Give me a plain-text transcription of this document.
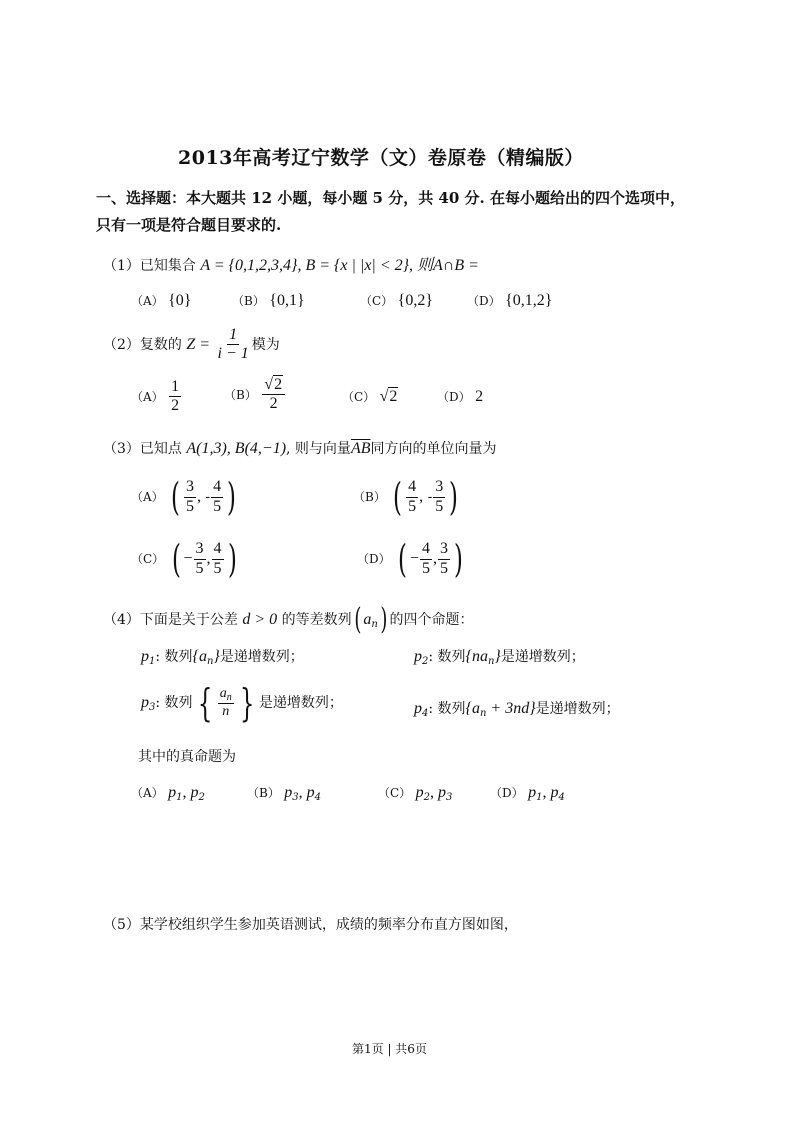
2013年高考辽宁数学（文）卷原卷（精编版）
一、选择题：本大题共 12 小题，每小题 5 分，共 40 分. 在每小题给出的四个选项中，
只有一项是符合题目要求的.
（1）已知集合 A = {0,1,2,3,4}, B = {x | |x| < 2}, 则A∩B =
（A） {0}	（B） {0,1}	（C） {0,2}	（D） {0,1,2}
（2）复数的 $Z = \frac{1}{i - 1}$ 模为
$(A) \frac{1}{2}$	$(B) \frac{√2}{2}$	（C） √2	（D） 2
（3）已知点 A(1,3), B(4,−1), 则与向量$\overline{AB}$同方向的单位向量为
（A） ( $\frac{3}{5}$ , - $\frac{4}{5}$ )	（B） ( $\frac{4}{5}$ , - $\frac{3}{5}$ )
（C） ( − $\frac{3}{5}$ , $\frac{4}{5}$ )	（D） ( − $\frac{4}{5}$ , $\frac{3}{5}$ )
（4）下面是关于公差 d > 0 的等差数列( $a_n$) 的四个命题：
$p_1$: 数列$\{a_n\}$是递增数列；	$p_2$: 数列$\{na_n\}$是递增数列；
$p_3$: 数列 { $\frac{a_n}{n}$ } 是递增数列；	$p_4$: 数列$\{a_n + 3nd\}$是递增数列；
其中的真命题为
（A） $p_1$, $p_2$	（B） $p_3$, $p_4$	（C） $p_2$, $p_3$	（D） $p_1$, $p_4$
（5）某学校组织学生参加英语测试，成绩的频率分布直方图如图，
第1页 | 共6页
